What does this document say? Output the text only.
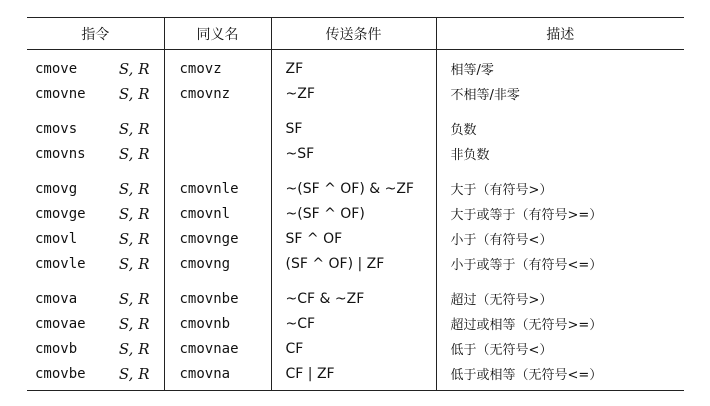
指令	同义名	传送条件	描述
cmove S, R	cmovz	ZF	相等/零
cmovne S, R	cmovnz	~ZF	不相等/非零
cmovs S, R		SF	负数
cmovns S, R		~SF	非负数
cmovg S, R	cmovnle	~(SF ^ OF) & ~ZF	大于（有符号>）
cmovge S, R	cmovnl	~(SF ^ OF)	大于或等于（有符号>=）
cmovl S, R	cmovnge	SF ^ OF	小于（有符号<）
cmovle S, R	cmovng	(SF ^ OF) | ZF	小于或等于（有符号<=）
cmova S, R	cmovnbe	~CF & ~ZF	超过（无符号>）
cmovae S, R	cmovnb	~CF	超过或相等（无符号>=）
cmovb S, R	cmovnae	CF	低于（无符号<）
cmovbe S, R	cmovna	CF | ZF	低于或相等（无符号<=）
